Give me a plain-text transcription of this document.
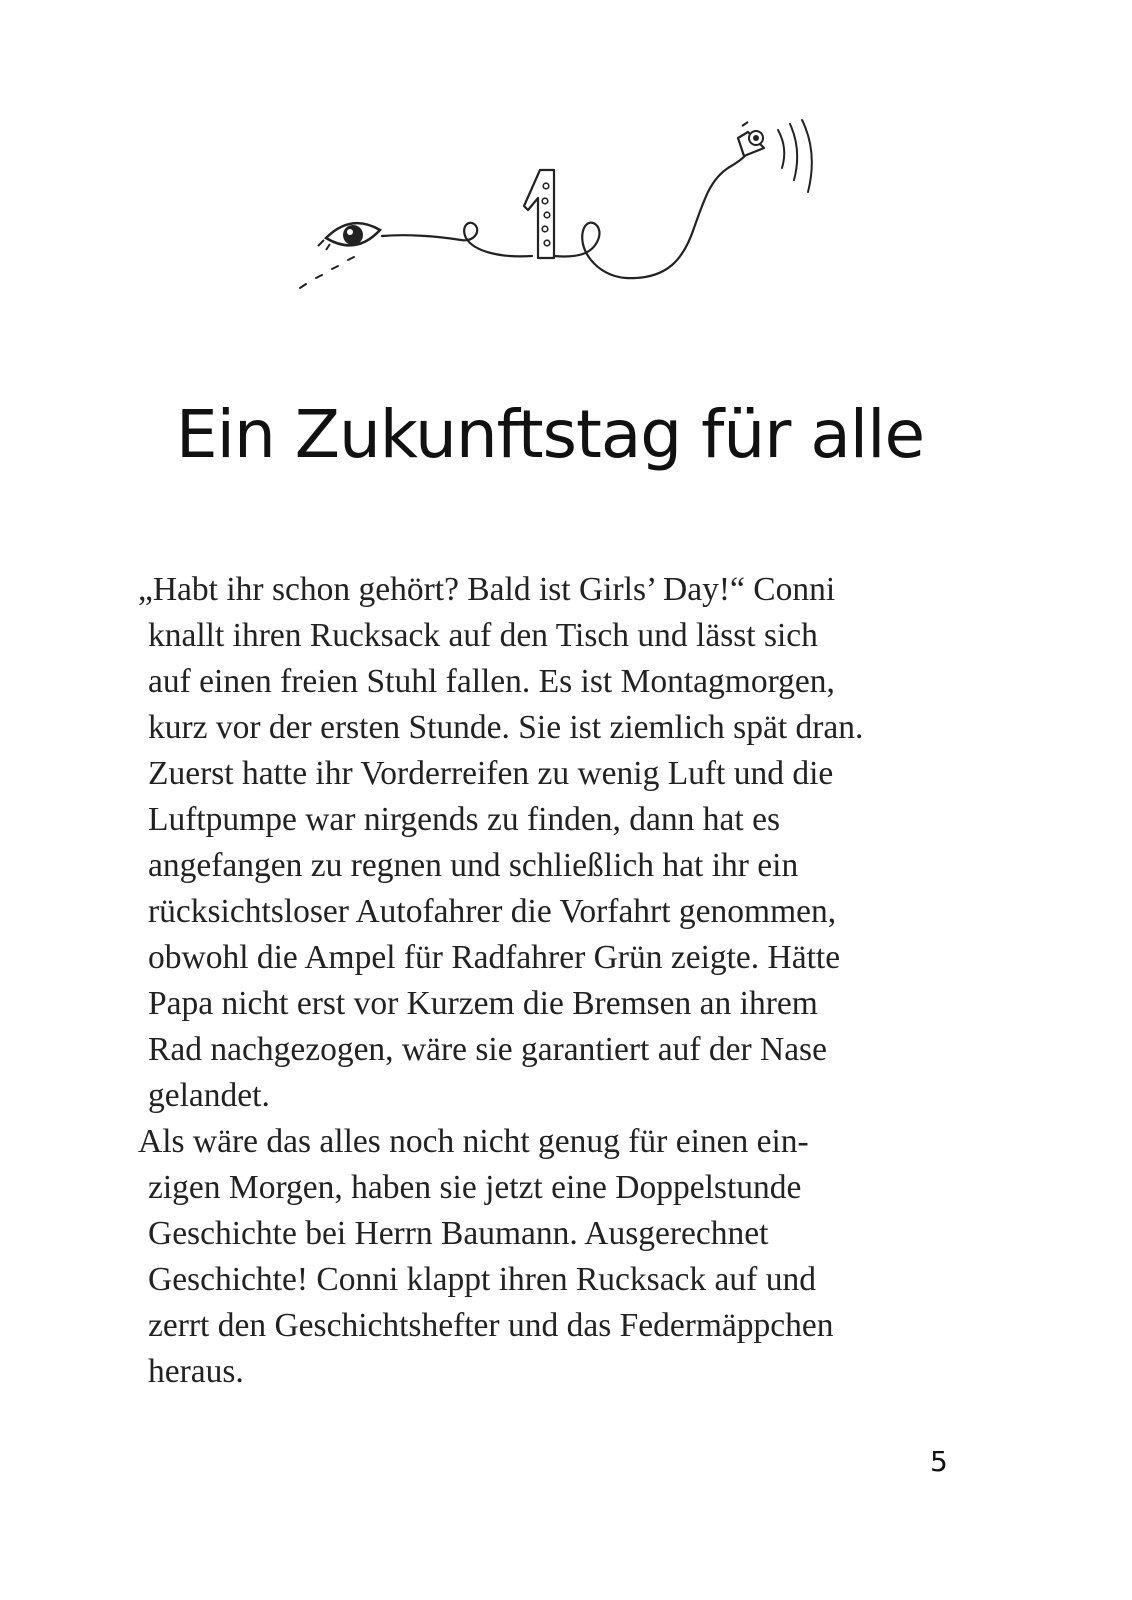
Ein Zukunftstag für alle
„Habt ihr schon gehört? Bald ist Girls’ Day!“ Conni
knallt ihren Rucksack auf den Tisch und lässt sich
auf einen freien Stuhl fallen. Es ist Montagmorgen,
kurz vor der ersten Stunde. Sie ist ziemlich spät dran.
Zuerst hatte ihr Vorderreifen zu wenig Luft und die
Luftpumpe war nirgends zu finden, dann hat es
angefangen zu regnen und schließlich hat ihr ein
rücksichtsloser Autofahrer die Vorfahrt genommen,
obwohl die Ampel für Radfahrer Grün zeigte. Hätte
Papa nicht erst vor Kurzem die Bremsen an ihrem
Rad nachgezogen, wäre sie garantiert auf der Nase
gelandet.
Als wäre das alles noch nicht genug für einen ein-
zigen Morgen, haben sie jetzt eine Doppelstunde
Geschichte bei Herrn Baumann. Ausgerechnet
Geschichte! Conni klappt ihren Rucksack auf und
zerrt den Geschichtshefter und das Federmäppchen
heraus.
5
